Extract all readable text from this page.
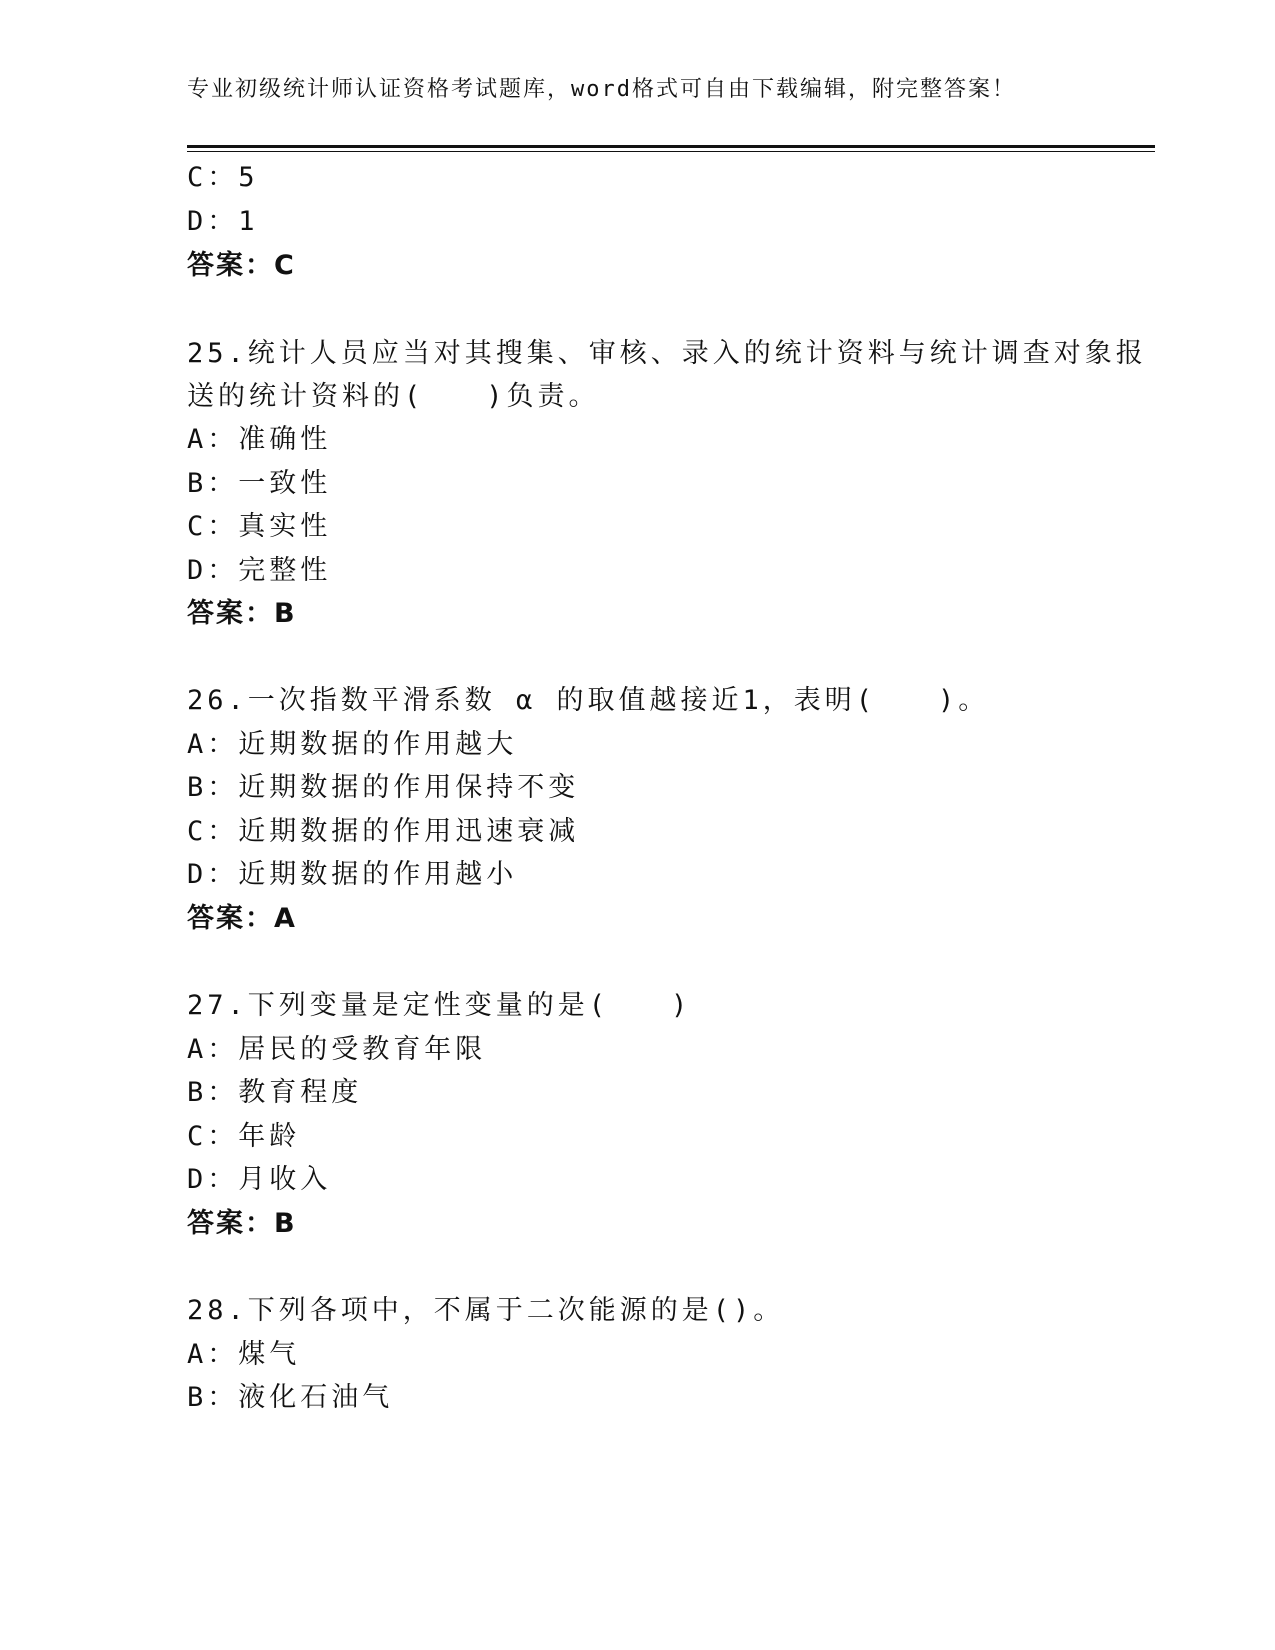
专业初级统计师认证资格考试题库，word格式可自由下载编辑，附完整答案！
C：5
D：1
答案：C
25.统计人员应当对其搜集、审核、录入的统计资料与统计调查对象报
送的统计资料的(　　)负责。
A：准确性
B：一致性
C：真实性
D：完整性
答案：B
26.一次指数平滑系数 α 的取值越接近1，表明(　　)。
A：近期数据的作用越大
B：近期数据的作用保持不变
C：近期数据的作用迅速衰减
D：近期数据的作用越小
答案：A
27.下列变量是定性变量的是(　　)
A：居民的受教育年限
B：教育程度
C：年龄
D：月收入
答案：B
28.下列各项中，不属于二次能源的是()。
A：煤气
B：液化石油气
